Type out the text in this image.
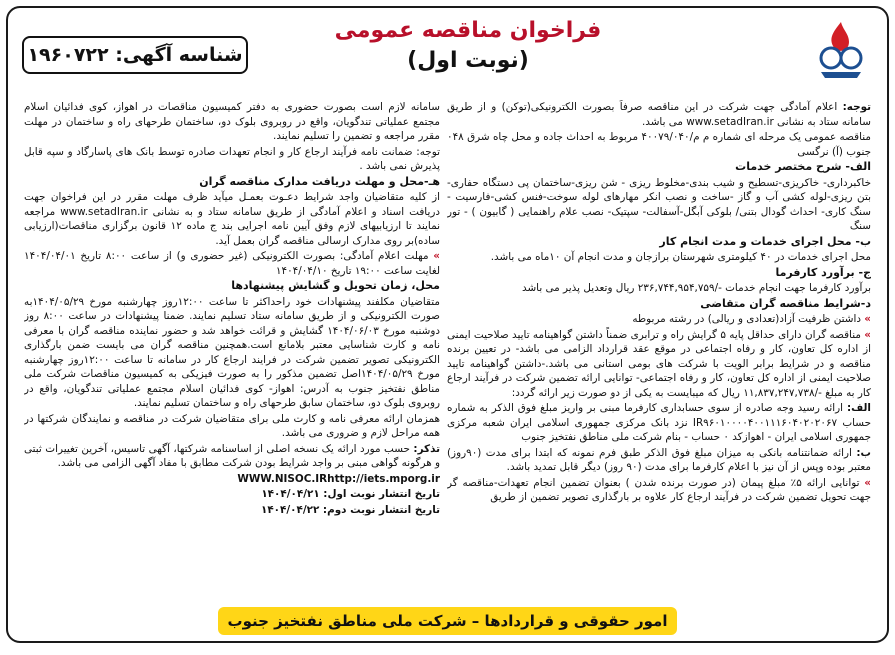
فراخوان مناقصه عمومی
(نوبت اول)
شناسه آگهی: ۱۹۶۰۷۲۲

توجه: اعلام آمادگی جهت شرکت در این مناقصه صرفاً بصورت الکترونیکی(توکن) و از طریق سامانه ستاد به نشانی www.setadIran.ir می باشد.

مناقصه عمومی یک مرحله ای شماره م م/۴۰۰۷۹/۰۴۰ مربوط به احداث جاده و محل چاه شرق ۰۴۸ جنوب (آ) نرگسی

الف- شرح مختصر خدمات

خاکبرداری- خاکریزی-تسطیح و شیب بندی-مخلوط ریزی - شن ریزی-ساختمان پی دستگاه حفاری-بتن ریزی-لوله کشی آب و گاز -ساخت و نصب انکر مهارهای لوله سوخت-فنس کشی-فارسیت - سنگ کاری- احداث گودال بتنی/ بلوکی آبگل-آسفالت- سپتیک- نصب علام راهنمایی ( گابیون ) - تور سنگ

ب- محل اجرای خدمات و مدت انجام کار

محل اجرای خدمات در ۴۰ کیلومتری شهرستان برازجان و مدت انجام آن ۱۰ماه می باشد.

ج- برآورد کارفرما

برآورد کارفرما جهت انجام خدمات -/۲۳۶,۷۴۴,۹۵۴,۷۵۹ ریال وتعدیل پذیر می باشد

د-شرایط مناقصه گران متقاضی

» داشتن ظرفیت آزاد(تعدادی و ریالی) در رشته مربوطه

» مناقصه گران دارای حداقل پایه ۵ گرایش راه و ترابری ضمناً داشتن گواهینامه تایید صلاحیت ایمنی از اداره کل تعاون، کار و رفاه اجتماعی در موقع عقد قرارداد الزامی می باشد- در تعیین برنده مناقصه و در شرایط برابر الویت با شرکت های بومی استانی می باشد.-داشتن گواهینامه تایید صلاحیت ایمنی از اداره کل تعاون، کار و رفاه اجتماعی- توانایی ارائه تضمین شرکت در فرآیند ارجاع کار به مبلغ -/۱۱,۸۳۷,۲۴۷,۷۳۸ ریال که میبایست به یکی از دو صورت زیر ارائه گردد:

الف: ارائه رسید وجه صادره از سوی حسابداری کارفرما مبنی بر واریز مبلغ فوق الذکر به شماره حساب IR۹۶۰۱۰۰۰۰۴۰۰۱۱۱۶۰۴۰۲۰۲۰۶۷ نزد بانک مرکزی جمهوری اسلامی ایران شعبه مرکزی جمهوری اسلامی ایران - اهوازکد ۰ حساب - بنام شرکت ملی مناطق نفتخیز جنوب

ب: ارائه ضمانتنامه بانکی به میزان مبلغ فوق الذکر طبق فرم نمونه که ابتدا برای مدت (۹۰روز) معتبر بوده وپس از آن نیز با اعلام کارفرما برای مدت (۹۰ روز) دیگر قابل تمدید باشد.

» توانایی ارائه ۵٪ مبلغ پیمان (در صورت برنده شدن ) بعنوان تضمین انجام تعهدات-مناقصه گر جهت تحویل تضمین شرکت در فرآیند ارجاع کار علاوه بر بارگذاری تصویر تضمین از طریق

سامانه لازم است بصورت حضوری به دفتر کمیسیون مناقصات در اهواز، کوی فدائیان اسلام مجتمع عملیاتی تندگویان، واقع در روبروی بلوک دو، ساختمان طرحهای راه و ساختمان در مهلت مقرر مراجعه و تضمین را تسلیم نمایند.

توجه: ضمانت نامه فرآیند ارجاع کار و انجام تعهدات صادره توسط بانک های پاسارگاد و سپه قابل پذیرش نمی باشد .

هـ-محل و مهلت دریافت مدارک مناقصه گران

از کلیه متقاضیان واجد شرایط دعـوت بعمـل میآید ظرف مهلت مقرر در این فراخوان جهت دریافت اسناد و اعلام آمادگی از طریق سامانه ستاد و به نشانی www.setadIran.ir مراجعه نمایند تا ارزیابیهای لازم وفق آیین نامه اجرایی بند ج ماده ۱۲ قانون برگزاری مناقصات(ارزیابی ساده)بر روی مدارک ارسالی مناقصه گران بعمل آید.

» مهلت اعلام آمادگی: بصورت الکترونیکی (غیر حضوری و) از ساعت ۸:۰۰ تاریخ ۱۴۰۴/۰۴/۰۱ لغایت ساعت ۱۹:۰۰ تاریخ ۱۴۰۴/۰۴/۱۰

محل، زمان تحویل و گشایش پیشنهادها

متقاضیان مکلفند پیشنهادات خود راحداکثر تا ساعت ۱۲:۰۰روز چهارشنبه مورخ ۱۴۰۴/۰۵/۲۹به صورت الکترونیکی و از طریق سامانه ستاد تسلیم نمایند. ضمنا پیشنهادات در ساعت ۸:۰۰ روز دوشنبه مورخ ۱۴۰۴/۰۶/۰۳ گشایش و قرائت خواهد شد و حضور نماینده مناقصه گران با معرفی نامه و کارت شناسایی معتبر بلامانع است.همچنین مناقصه گران می بایست ضمن بارگذاری الکترونیکی تصویر تضمین شرکت در فرایند ارجاع کار در سامانه تا ساعت ۱۲:۰۰روز چهارشنبه مورخ ۱۴۰۴/۰۵/۲۹اصل تضمین مذکور را به صورت فیزیکی به کمیسیون مناقصات شرکت ملی مناطق نفتخیز جنوب به آدرس: اهواز- کوی فدائیان اسلام مجتمع عملیاتی تندگویان، واقع در روبروی بلوک دو، ساختمان سابق طرحهای راه و ساختمان تسلیم نمایند.

همزمان ارائه معرفی نامه و کارت ملی برای متقاضیان شرکت در مناقصه و نمایندگان شرکتها در همه مراحل لازم و ضروری می باشد.

تذکر: حسب مورد ارائه یک نسخه اصلی از اساسنامه شرکتها، آگهی تاسیس، آخرین تغییرات ثبتی و هرگونه گواهی مبنی بر واجد شرایط بودن شرکت مطابق با مفاد آگهی الزامی می باشد.

WWW.NISOC.IRhttp://iets.mporg.ir

تاریخ انتشار نوبت اول: ۱۴۰۴/۰۴/۲۱

تاریخ انتشار نوبت دوم: ۱۴۰۴/۰۴/۲۲

امور حقوقی و قراردادها – شرکت ملی مناطق نفتخیز جنوب
